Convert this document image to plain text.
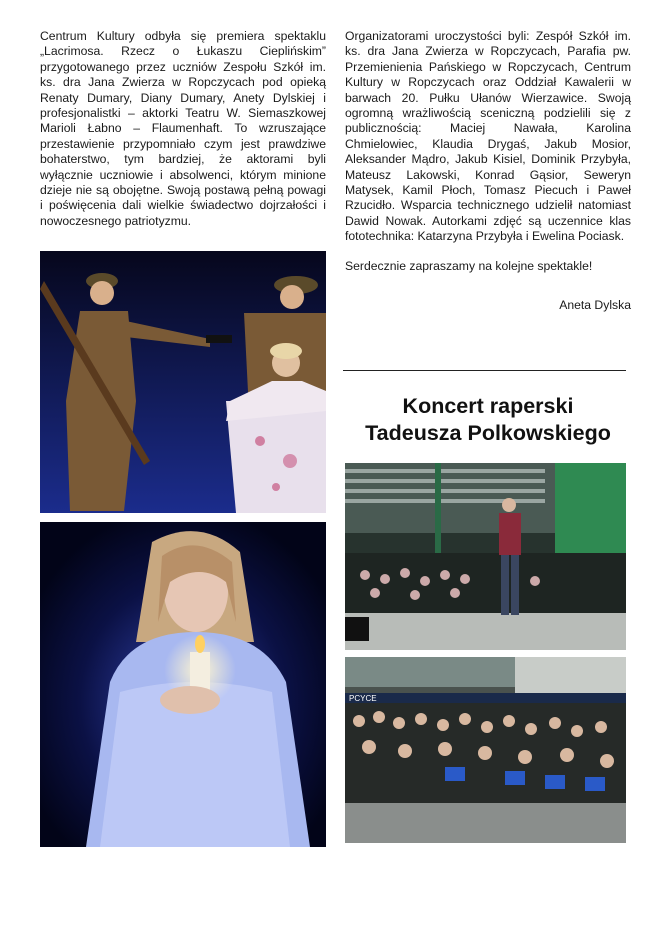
Centrum Kultury odbyła się premiera spektaklu „Lacrimosa. Rzecz o Łukaszu Cieplińskim” przygotowanego przez uczniów Zespołu Szkół im. ks. dra Jana Zwierza w Ropczycach pod opieką Renaty Dumary, Diany Dumary, Anety Dylskiej i profesjonalistki – aktorki Teatru W. Siemaszkowej Marioli Łabno – Flaumenhaft. To wzruszające przestawienie przypomniało czym jest prawdziwe bohaterstwo, tym bardziej, że aktorami byli wyłącznie uczniowie i absolwenci, którym minione dzieje nie są obojętne. Swoją postawą pełną powagi i poświęcenia dali wielkie świadectwo dojrzałości i nowoczesnego patriotyzmu.

Organizatorami uroczystości byli: Zespół Szkół im. ks. dra Jana Zwierza w Ropczycach, Parafia pw. Przemienienia Pańskiego w Ropczycach, Centrum Kultury w Ropczycach oraz Oddział Kawalerii w barwach 20. Pułku Ułanów Wierzawice. Swoją ogromną wrażliwością sceniczną podzielili się z publicznością: Maciej Nawała, Karolina Chmielowiec, Klaudia Drygaś, Jakub Mosior, Aleksander Mądro, Jakub Kisiel, Dominik Przybyła, Mateusz Lakowski, Konrad Gąsior, Seweryn Matysek, Kamil Płoch, Tomasz Piecuch i Paweł Rzucidło. Wsparcia technicznego udzielił natomiast Dawid Nowak. Autorkami zdjęć są uczennice klas fototechnika: Katarzyna Przybyła i Ewelina Pociask.

Serdecznie zapraszamy na kolejne spektakle!

Aneta Dylska

Koncert raperski
Tadeusza Polkowskiego
PCYCE
